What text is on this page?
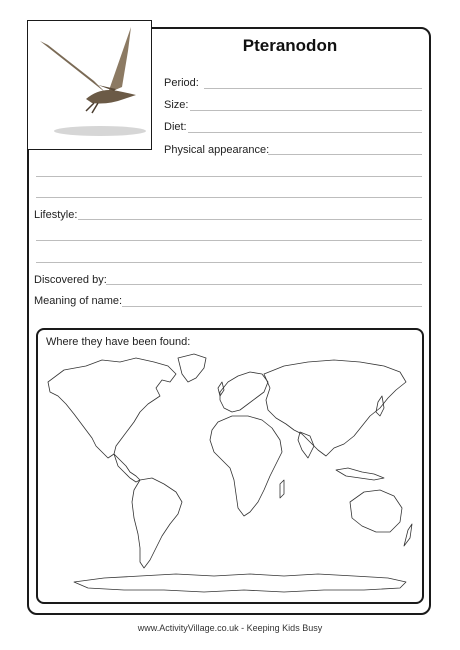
Pteranodon
Period:
Size:
Diet:
Physical appearance:
Lifestyle:
Discovered by:
Meaning of name:
Where they have been found:
www.ActivityVillage.co.uk - Keeping Kids Busy
